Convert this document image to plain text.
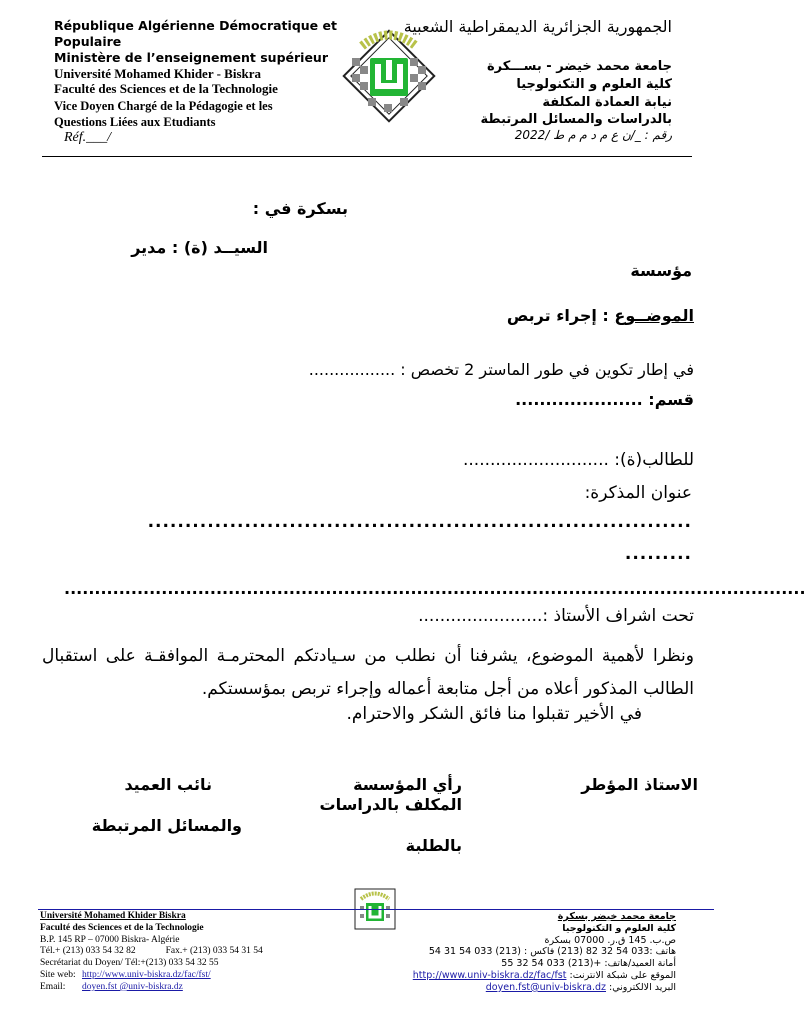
République Algérienne Démocratique et Populaire
Ministère de l’enseignement supérieur
Université Mohamed Khider - Biskra
Faculté des Sciences et de la Technologie
Vice Doyen Chargé de la Pédagogie et les Questions Liées aux Etudiants
Réf.___/
الجمهورية الجزائرية الديمقراطية الشعبية
جامعة محمد خيضر - بســـكرة
كلية العلوم و التكنولوجيا
نيابة العمادة المكلفة
بالدراسات والمسائل المرتبطة
رقم : _/ن ع م د م م ط /2022
بسكرة في :
السيــد (ة) : مدير
مؤسسة
الموضــوع : إجراء تربص
في إطار تكوين في طور الماستر 2 تخصص : .................
قسم: .....................
للطالب(ة): ...........................
عنوان المذكرة:
.........................................................................
.........
..........................................................................................................................
تحت اشراف الأستاذ :.......................
ونظرا لأهمية الموضوع، يشرفنا أن نطلب من سـيادتكم المحترمـة الموافقـة على استقبال الطالب المذكور أعلاه من أجل متابعة أعماله وإجراء تربص بمؤسستكم.
في الأخير تقبلوا منا فائق الشكر والاحترام.
الاستاذ المؤطر
رأي المؤسسة
المكلف بالدراسات
بالطلبة
نائب العميد
والمسائل المرتبطة
Université Mohamed Khider Biskra
Faculté des Sciences et de la Technologie
B.P. 145 RP – 07000 Biskra- Algérie
Tél.+ (213) 033 54 32 82	Fax.+ (213) 033 54 31 54
Secrétariat du Doyen/ Tél:+(213) 033 54 32 55
Site web: http://www.univ-biskra.dz/fac/fst/
Email: doyen.fst @univ-biskra.dz
جامعة محمد خيضر بسكرة
كلية العلوم و التكنولوجيا
ص.ب. 145 ق.ر. 07000 بسكرة
هاتف :033 54 32 82 (213) فاكس : (213) 033 54 31 54
أمانة العميد/هاتف: +(213) 033 54 32 55
الموقع على شبكة الانترنت: http://www.univ-biskra.dz/fac/fst
البريد الالكتروني: doyen.fst@univ-biskra.dz
